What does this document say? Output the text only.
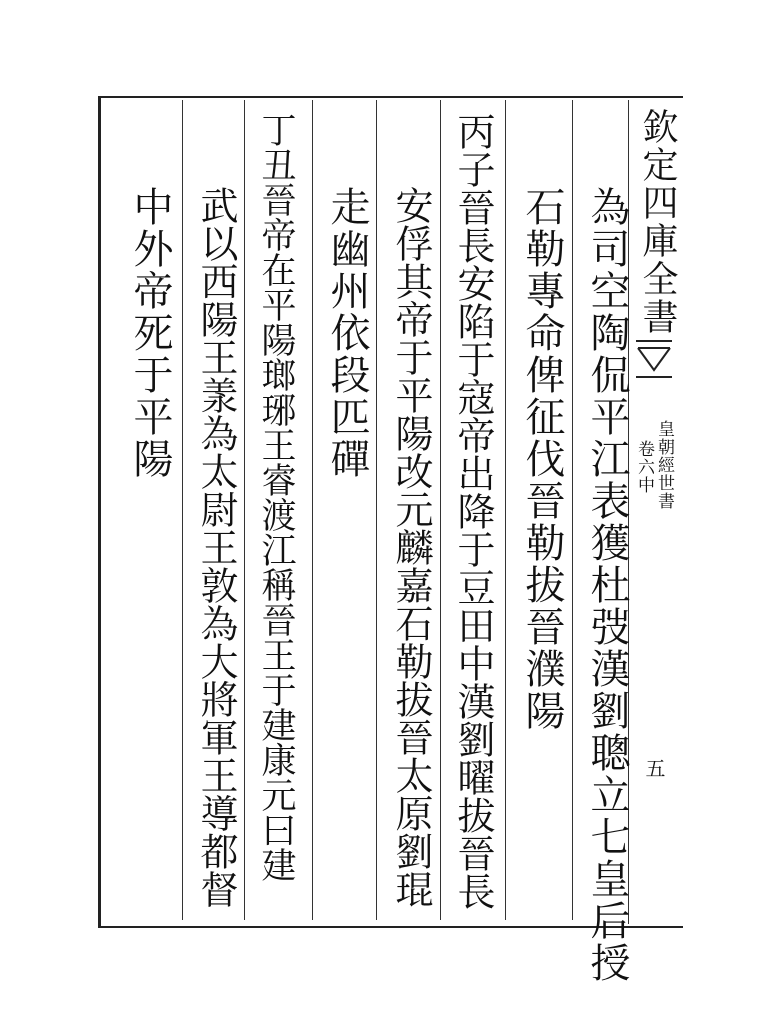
欽定四庫全書
皇朝經世書
卷六中
五
為司空陶侃平江表獲杜弢漢劉聰立七皇后授
石勒專命俾征伐晉勒拔晉濮陽
丙子晉長安陷于寇帝出降于豆田中漢劉曜拔晉長
安俘其帝于平陽改元麟嘉石勒拔晉太原劉琨
走幽州依段匹磾
丁丑晉帝在平陽瑯琊王睿渡江稱晉王于建康元曰建
武以西陽王羕為太尉王敦為大將軍王導都督
中外帝死于平陽
